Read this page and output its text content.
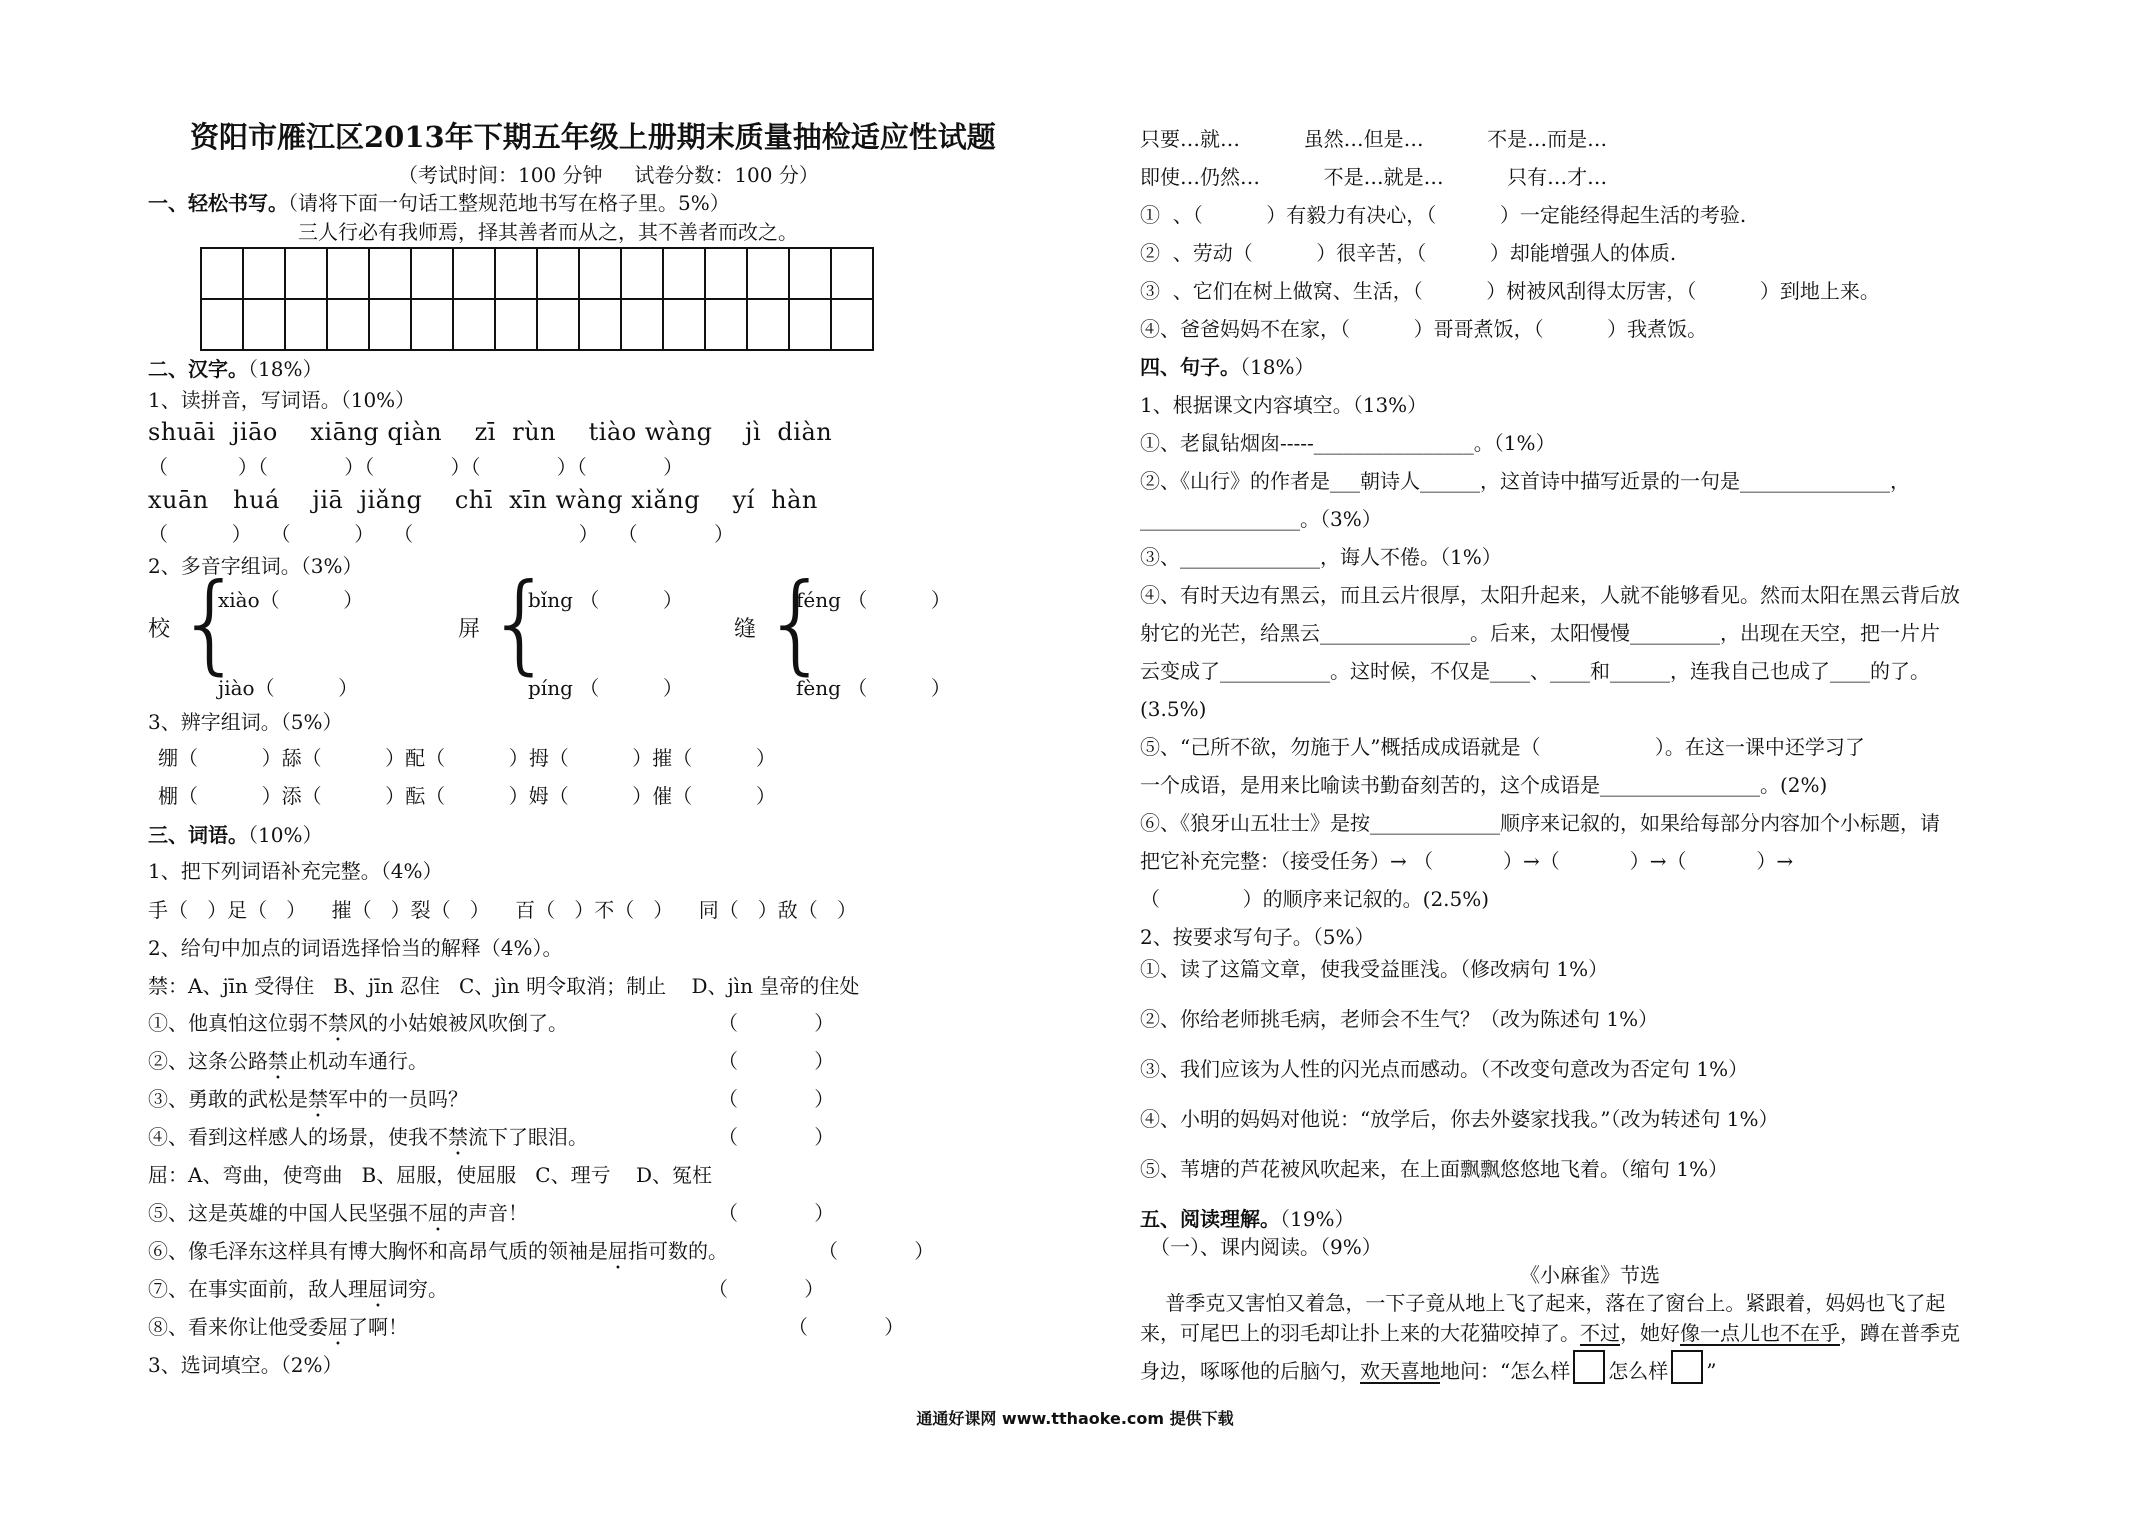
资阳市雁江区2013年下期五年级上册期末质量抽检适应性试题
（考试时间：100 分钟     试卷分数：100 分）
一、轻松书写。（请将下面一句话工整规范地书写在格子里。5%）
三人行必有我师焉，择其善者而从之，其不善者而改之。

二、汉字。（18%）
1、读拼音，写词语。（10%）
shuāi  jiāo    xiāng qiàn    zī  rùn    tiào wàng    jì  diàn
（           ）（            ）（            ）（            ）（            ）
xuān   huá    jiā  jiǎng    chī  xīn wàng xiǎng    yí  hàn
（          ）   （          ）   （                          ）   （            ）
2、多音字组词。（3%）
校 {
xiào（          ）
jiào（          ）
屏 {
bǐng （          ）
píng （          ）
缝 {
féng （          ）
fèng （          ）
3、辨字组词。（5%）
绷（          ）舔（          ）配（          ）拇（          ）摧（          ）
棚（          ）添（          ）酝（          ）姆（          ）催（          ）
三、词语。（10%）
1、把下列词语补充完整。（4%）
手（   ）足（   ）    摧（   ）裂（   ）    百（   ）不（   ）    同（   ）敌（   ）
2、给句中加点的词语选择恰当的解释（4%）。
禁：A、jīn 受得住   B、jīn 忍住   C、jìn 明令取消；制止    D、jìn 皇帝的住处
①、他真怕这位弱不禁风的小姑娘被风吹倒了。	（            ）
②、这条公路禁止机动车通行。	（            ）
③、勇敢的武松是禁军中的一员吗？	（            ）
④、看到这样感人的场景，使我不禁流下了眼泪。	（            ）
屈：A、弯曲，使弯曲   B、屈服，使屈服   C、理亏    D、冤枉
⑤、这是英雄的中国人民坚强不屈的声音！	（            ）
⑥、像毛泽东这样具有博大胸怀和高昂气质的领袖是屈指可数的。	（            ）
⑦、在事实面前，敌人理屈词穷。	（            ）
⑧、看来你让他受委屈了啊！	（            ）
3、选词填空。（2%）
只要…就…          虽然…但是…          不是…而是…
即使…仍然…          不是…就是…          只有…才…
①  、（          ）有毅力有决心，（          ）一定能经得起生活的考验.
②  、劳动（          ）很辛苦，（          ）却能增强人的体质.
③  、它们在树上做窝、生活，（          ）树被风刮得太厉害，（          ）到地上来。
④、爸爸妈妈不在家，（          ）哥哥煮饭，（          ）我煮饭。
四、句子。（18%）
1、根据课文内容填空。（13%）
①、老鼠钻烟囱-----________________。（1%）
②、《山行》的作者是___朝诗人______，这首诗中描写近景的一句是_______________，
________________。（3%）
③、______________，诲人不倦。（1%）
④、有时天边有黑云，而且云片很厚，太阳升起来，人就不能够看见。然而太阳在黑云背后放
射它的光芒，给黑云_______________。后来，太阳慢慢_________，出现在天空，把一片片
云变成了___________。这时候，不仅是____、____和______，连我自己也成了____的了。
(3.5%)
⑤、“己所不欲，勿施于人”概括成成语就是（                  ）。在这一课中还学习了
一个成语，是用来比喻读书勤奋刻苦的，这个成语是________________。(2%)
⑥、《狼牙山五壮士》是按_____________顺序来记叙的，如果给每部分内容加个小标题，请
把它补充完整：（接受任务）→ （           ）→（           ）→（           ）→
（             ）的顺序来记叙的。(2.5%)
2、按要求写句子。（5%）
①、读了这篇文章，使我受益匪浅。（修改病句 1%）
②、你给老师挑毛病，老师会不生气？（改为陈述句 1%）
③、我们应该为人性的闪光点而感动。（不改变句意改为否定句 1%）
④、小明的妈妈对他说：“放学后，你去外婆家找我。”（改为转述句 1%）
⑤、苇塘的芦花被风吹起来，在上面飘飘悠悠地飞着。（缩句 1%）
五、阅读理解。（19%）
（一）、课内阅读。（9%）
《小麻雀》节选
普季克又害怕又着急，一下子竟从地上飞了起来，落在了窗台上。紧跟着，妈妈也飞了起
来，可尾巴上的羽毛却让扑上来的大花猫咬掉了。不过，她好像一点儿也不在乎，蹲在普季克
身边，啄啄他的后脑勺，欢天喜地地问：“怎么样 怎么样 ”
通通好课网 www.tthaoke.com 提供下载
